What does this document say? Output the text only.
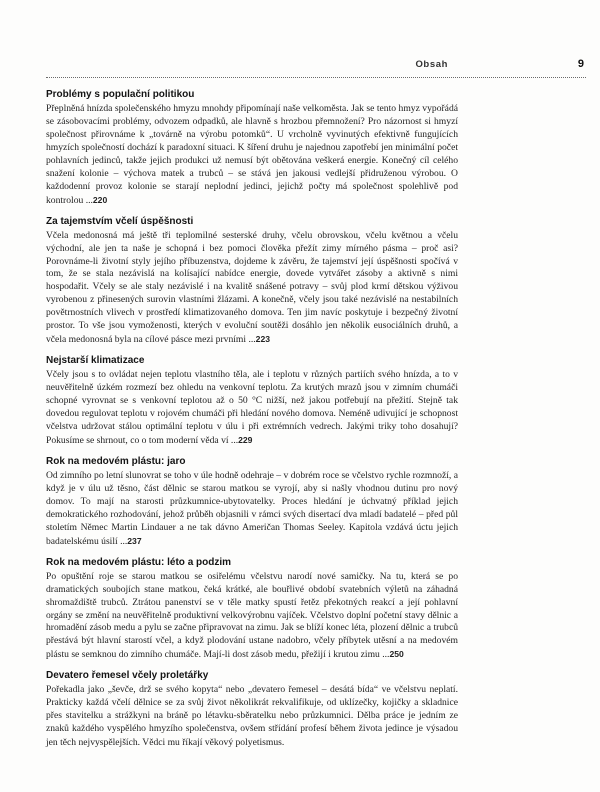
Obsah	9

Problémy s populační politikou

Přeplněná hnízda společenského hmyzu mnohdy připomínají naše velkoměsta. Jak se tento hmyz vypořádá se zásobovacími problémy, odvozem odpadků, ale hlavně s hrozbou přemnožení? Pro názornost si hmyzí společnost přirovnáme k „továrně na výrobu potomků“. U vrcholně vyvinutých efektivně fungujících hmyzích společností dochází k paradoxní situaci. K šíření druhu je najednou zapotřebí jen minimální počet pohlavních jedinců, takže jejich produkci už nemusí být obětována veškerá energie. Konečný cíl celého snažení kolonie – výchova matek a trubců – se stává jen jakousi vedlejší přidruženou výrobou. O každodenní provoz kolonie se starají neplodní jedinci, jejichž počty má společnost spolehlivě pod kontrolou ...220

Za tajemstvím včelí úspěšnosti

Včela medonosná má ještě tři teplomilné sesterské druhy, včelu obrovskou, včelu květnou a včelu východní, ale jen ta naše je schopná i bez pomoci člověka přežít zimy mírného pásma – proč asi? Porovnáme-li životní styly jejího příbuzenstva, dojdeme k závěru, že tajemství její úspěšnosti spočívá v tom, že se stala nezávislá na kolísající nabídce energie, dovede vytvářet zásoby a aktivně s nimi hospodařit. Včely se ale staly nezávislé i na kvalitě snášené potravy – svůj plod krmí dětskou výživou vyrobenou z přinesených surovin vlastními žlázami. A konečně, včely jsou také nezávislé na nestabilních povětrnostních vlivech v prostředí klimatizovaného domova. Ten jim navíc poskytuje i bezpečný životní prostor. To vše jsou vymoženosti, kterých v evoluční soutěži dosáhlo jen několik eusociálních druhů, a včela medonosná byla na cílové pásce mezi prvními ...223

Nejstarší klimatizace

Včely jsou s to ovládat nejen teplotu vlastního těla, ale i teplotu v různých partiích svého hnízda, a to v neuvěřitelně úzkém rozmezí bez ohledu na venkovní teplotu. Za krutých mrazů jsou v zimním chumáči schopné vyrovnat se s venkovní teplotou až o 50 °C nižší, než jakou potřebují na přežití. Stejně tak dovedou regulovat teplotu v rojovém chumáči při hledání nového domova. Neméně udivující je schopnost včelstva udržovat stálou optimální teplotu v úlu i při extrémních vedrech. Jakými triky toho dosahují? Pokusíme se shrnout, co o tom moderní věda ví ...229

Rok na medovém plástu: jaro

Od zimního po letní slunovrat se toho v úle hodně odehraje – v dobrém roce se včelstvo rychle rozmnoží, a když je v úlu už těsno, část dělnic se starou matkou se vyrojí, aby si našly vhodnou dutinu pro nový domov. To mají na starosti průzkumnice-ubytovatelky. Proces hledání je úchvatný příklad jejich demokratického rozhodování, jehož průběh objasnili v rámci svých disertací dva mladí badatelé – před půl stoletím Němec Martin Lindauer a ne tak dávno Američan Thomas Seeley. Kapitola vzdává úctu jejich badatelskému úsilí ...237

Rok na medovém plástu: léto a podzim

Po opuštění roje se starou matkou se osiřelému včelstvu narodí nové samičky. Na tu, která se po dramatických soubojích stane matkou, čeká krátké, ale bouřlivé období svatebních výletů na záhadná shromaždiště trubců. Ztrátou panenství se v těle matky spustí řetěz překotných reakcí a její pohlavní orgány se změní na neuvěřitelně produktivní velkovýrobnu vajíček. Včelstvo doplní početní stavy dělnic a hromadění zásob medu a pylu se začne připravovat na zimu. Jak se blíží konec léta, plození dělnic a trubců přestává být hlavní starostí včel, a když plodování ustane nadobro, včely příbytek utěsní a na medovém plástu se semknou do zimního chumáče. Mají-li dost zásob medu, přežijí i krutou zimu ...250

Devatero řemesel včely proletářky

Pořekadla jako „ševče, drž se svého kopyta“ nebo „devatero řemesel – desátá bída“ ve včelstvu neplatí. Prakticky každá včelí dělnice se za svůj život několikrát rekvalifikuje, od uklízečky, kojičky a skladnice přes stavitelku a strážkyni na bráně po létavku-sběratelku nebo průzkumnici. Dělba práce je jedním ze znaků každého vyspělého hmyzího společenstva, ovšem střídání profesí během života jedince je výsadou jen těch nejvyspělejších. Vědci mu říkají věkový polyetismus.
